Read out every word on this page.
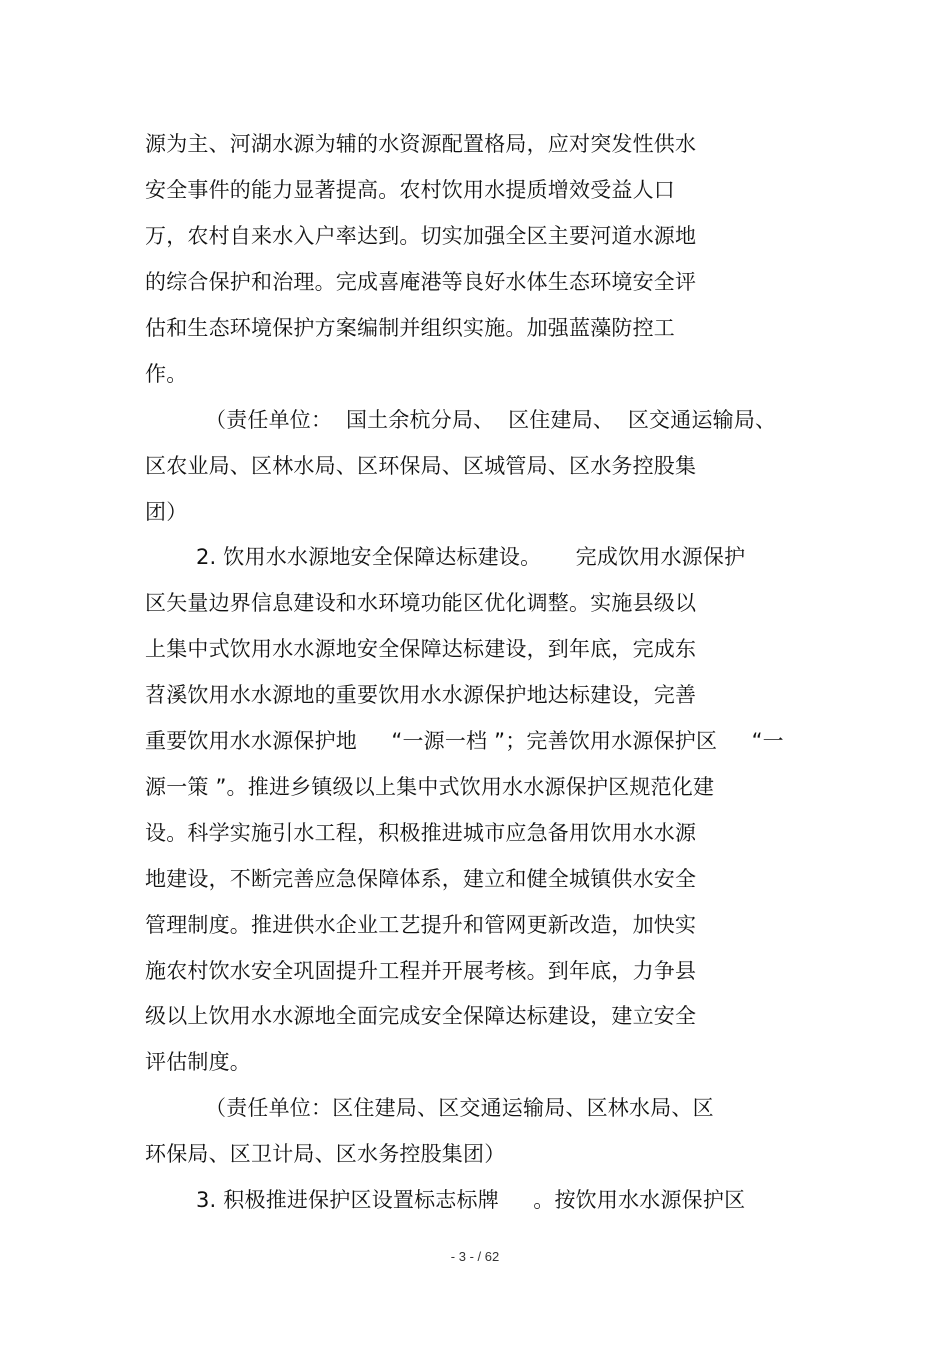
源为主、河湖水源为辅的水资源配置格局，应对突发性供水
安全事件的能力显著提高。农村饮用水提质增效受益人口
万，农村自来水入户率达到。切实加强全区主要河道水源地
的综合保护和治理。完成喜庵港等良好水体生态环境安全评
估和生态环境保护方案编制并组织实施。加强蓝藻防控工
作。
（责任单位：  国土余杭分局、  区住建局、  区交通运输局、
区农业局、区林水局、区环保局、区城管局、区水务控股集
团）
2. 饮用水水源地安全保障达标建设。     完成饮用水源保护
区矢量边界信息建设和水环境功能区优化调整。实施县级以
上集中式饮用水水源地安全保障达标建设，到年底，完成东
苕溪饮用水水源地的重要饮用水水源保护地达标建设，完善
重要饮用水水源保护地     “一源一档 ”；完善饮用水源保护区     “一
源一策 ”。推进乡镇级以上集中式饮用水水源保护区规范化建
设。科学实施引水工程，积极推进城市应急备用饮用水水源
地建设，不断完善应急保障体系，建立和健全城镇供水安全
管理制度。推进供水企业工艺提升和管网更新改造，加快实
施农村饮水安全巩固提升工程并开展考核。到年底，力争县
级以上饮用水水源地全面完成安全保障达标建设，建立安全
评估制度。
（责任单位：区住建局、区交通运输局、区林水局、区
环保局、区卫计局、区水务控股集团）
3. 积极推进保护区设置标志标牌     。按饮用水水源保护区
- 3 - / 62
